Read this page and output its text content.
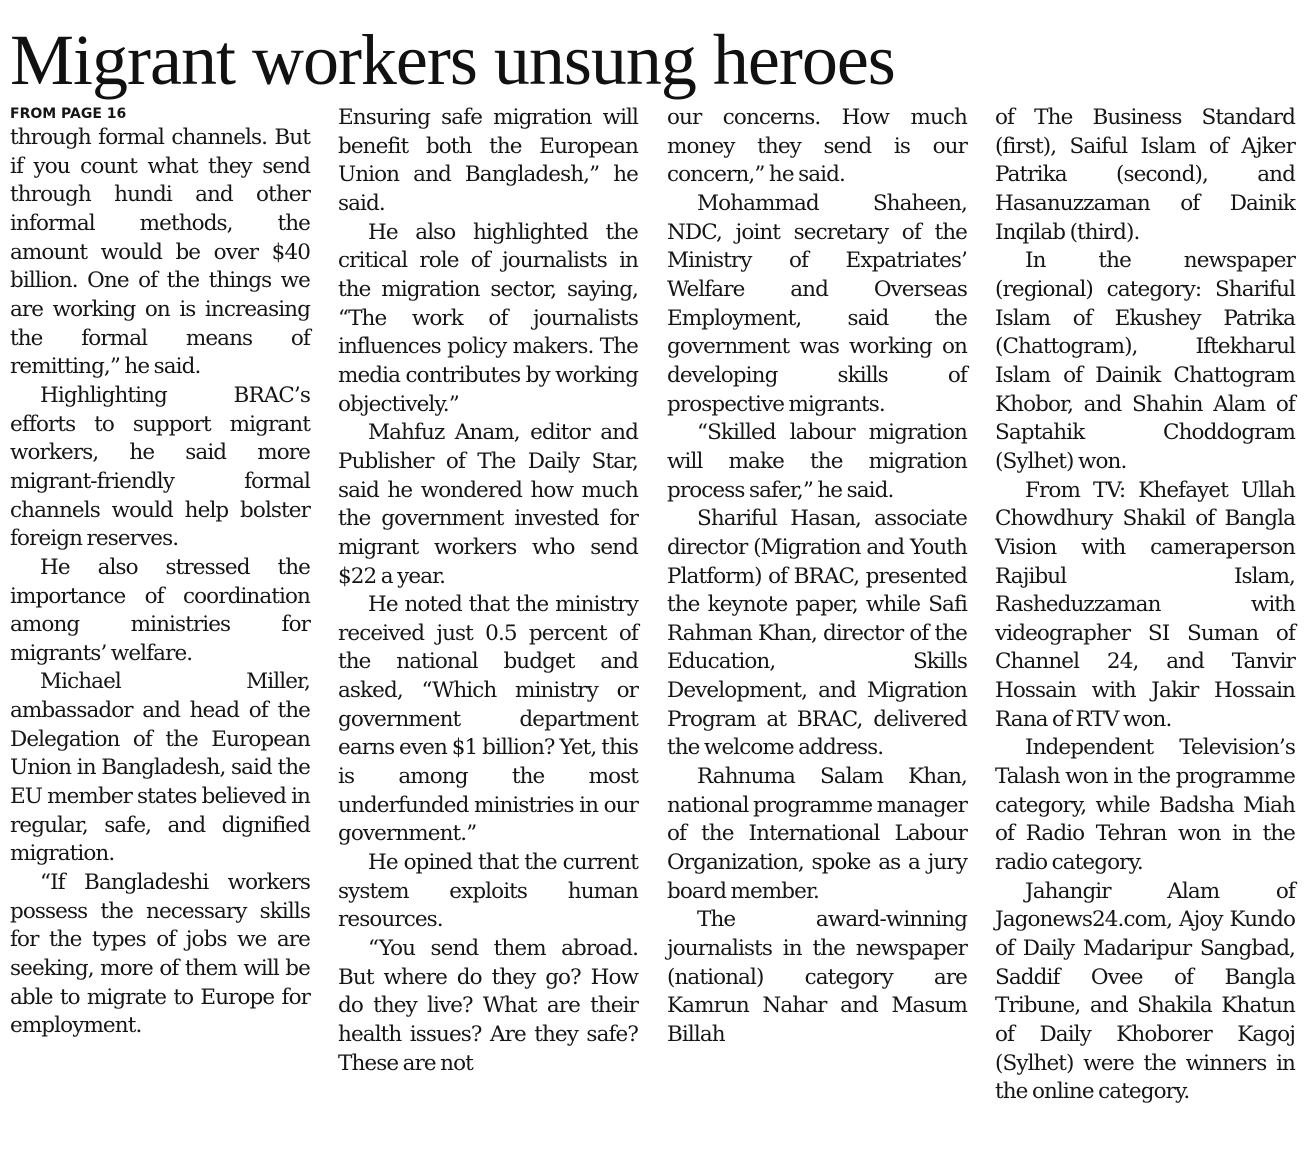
Migrant workers unsung heroes
FROM PAGE 16

through formal channels. But if you count what they send through hundi and other informal methods, the amount would be over $40 billion. One of the things we are working on is increasing the formal means of remitting,” he said.

Highlighting BRAC’s efforts to support migrant workers, he said more migrant-friendly formal channels would help bolster foreign reserves.

He also stressed the importance of coordination among ministries for migrants’ welfare.

Michael Miller, ambassador and head of the Delegation of the European Union in Bangladesh, said the EU member states believed in regular, safe, and dignified migration.

“If Bangladeshi workers possess the necessary skills for the types of jobs we are seeking, more of them will be able to migrate to Europe for employment.

Ensuring safe migration will benefit both the European Union and Bangladesh,” he said.

He also highlighted the critical role of journalists in the migration sector, saying, “The work of journalists influences policy makers. The media contributes by working objectively.”

Mahfuz Anam, editor and Publisher of The Daily Star, said he wondered how much the government invested for migrant workers who send $22 a year.

He noted that the ministry received just 0.5 percent of the national budget and asked, “Which ministry or government department earns even $1 billion? Yet, this is among the most underfunded ministries in our government.”

He opined that the current system exploits human resources.

“You send them abroad. But where do they go? How do they live? What are their health issues? Are they safe? These are not

our concerns. How much money they send is our concern,” he said.

Mohammad Shaheen, NDC, joint secretary of the Ministry of Expatriates’ Welfare and Overseas Employment, said the government was working on developing skills of prospective migrants.

“Skilled labour migration will make the migration process safer,” he said.

Shariful Hasan, associate director (Migration and Youth Platform) of BRAC, presented the keynote paper, while Safi Rahman Khan, director of the Education, Skills Development, and Migration Program at BRAC, delivered the welcome address.

Rahnuma Salam Khan, national programme manager of the International Labour Organization, spoke as a jury board member.

The award-winning journalists in the newspaper (national) category are Kamrun Nahar and Masum Billah

of The Business Standard (first), Saiful Islam of Ajker Patrika (second), and Hasanuzzaman of Dainik Inqilab (third).

In the newspaper (regional) category: Shariful Islam of Ekushey Patrika (Chattogram), Iftekharul Islam of Dainik Chattogram Khobor, and Shahin Alam of Saptahik Choddogram (Sylhet) won.

From TV: Khefayet Ullah Chowdhury Shakil of Bangla Vision with cameraperson Rajibul Islam, Rasheduzzaman with videographer SI Suman of Channel 24, and Tanvir Hossain with Jakir Hossain Rana of RTV won.

Independent Television’s Talash won in the programme category, while Badsha Miah of Radio Tehran won in the radio category.

Jahangir Alam of Jagonews24.com, Ajoy Kundo of Daily Madaripur Sangbad, Saddif Ovee of Bangla Tribune, and Shakila Khatun of Daily Khoborer Kagoj (Sylhet) were the winners in the online category.
